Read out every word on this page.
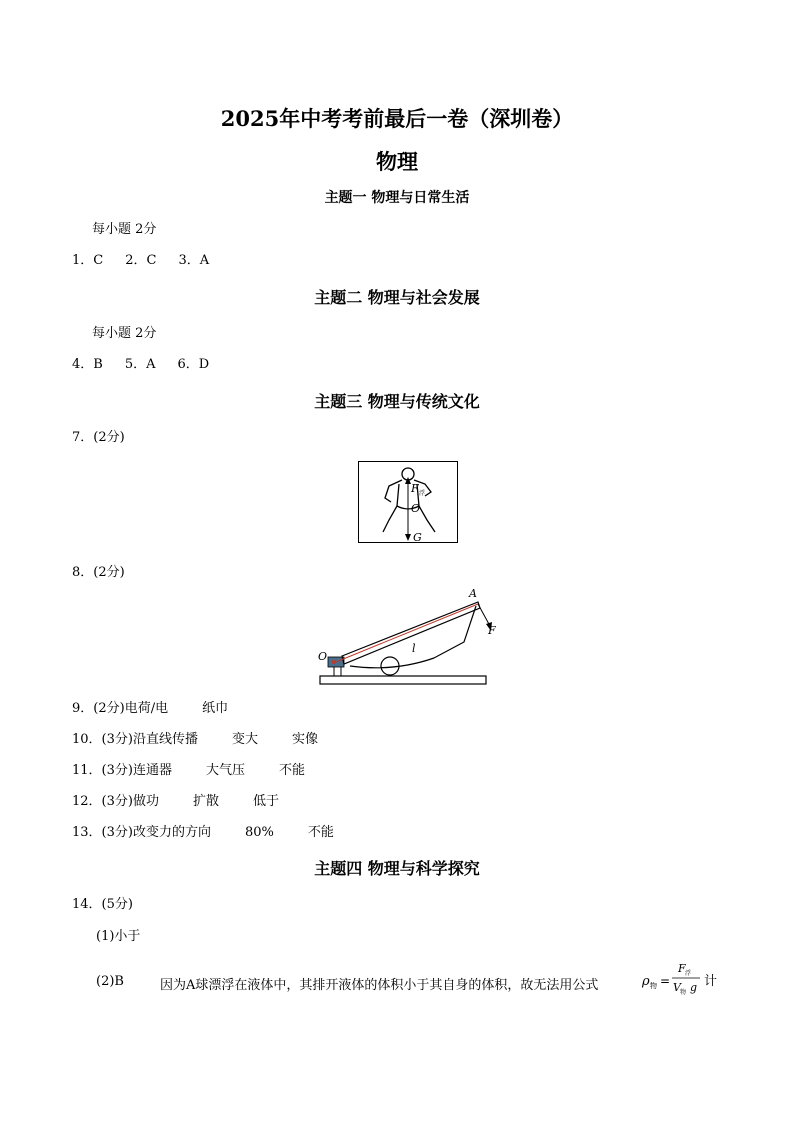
2025年中考考前最后一卷（深圳卷）
物理
主题一 物理与日常生活
每小题 2分
1．C 2．C 3．A
主题二 物理与社会发展
每小题 2分
4．B 5．A 6．D
主题三 物理与传统文化
7．(2分)
F 浮
O
G
8．(2分)
A
F
O
l
9．(2分)电荷/电	纸巾
10．(3分)沿直线传播	变大	实像
11．(3分)连通器	大气压	不能
12．(3分)做功	扩散	低于
13．(3分)改变力的方向	80%	不能
主题四 物理与科学探究
14．(5分)
(1)小于
(2)B	因为A球漂浮在液体中，其排开液体的体积小于其自身的体积，故无法用公式	ρ 物 =
F 浮
V 物 g 计
